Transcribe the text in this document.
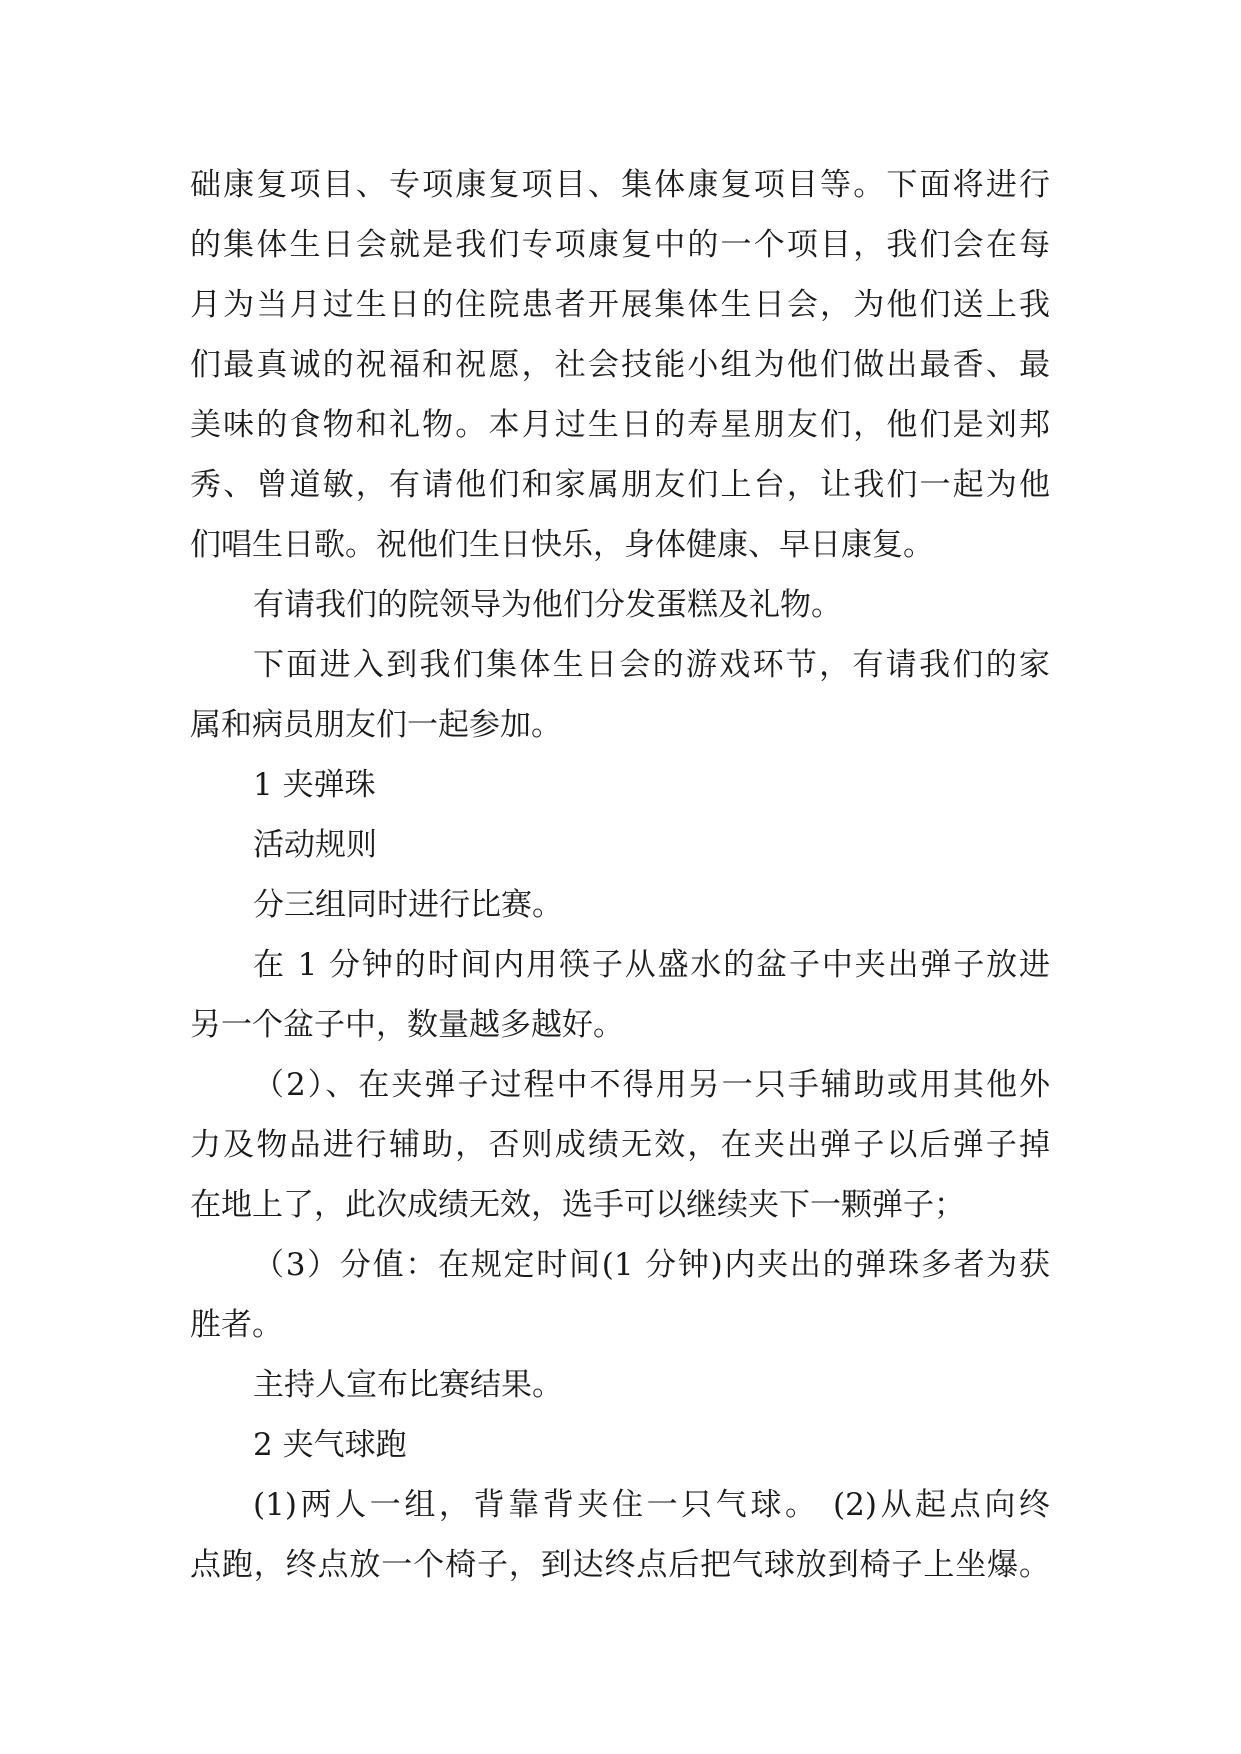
础康复项目、专项康复项目、集体康复项目等。下面将进行
的集体生日会就是我们专项康复中的一个项目，我们会在每
月为当月过生日的住院患者开展集体生日会，为他们送上我
们最真诚的祝福和祝愿，社会技能小组为他们做出最香、最
美味的食物和礼物。本月过生日的寿星朋友们，他们是刘邦
秀、曾道敏，有请他们和家属朋友们上台，让我们一起为他
们唱生日歌。祝他们生日快乐，身体健康、早日康复。
有请我们的院领导为他们分发蛋糕及礼物。
下面进入到我们集体生日会的游戏环节，有请我们的家
属和病员朋友们一起参加。
1 夹弹珠
活动规则
分三组同时进行比赛。
在 1 分钟的时间内用筷子从盛水的盆子中夹出弹子放进
另一个盆子中，数量越多越好。
（2）、在夹弹子过程中不得用另一只手辅助或用其他外
力及物品进行辅助，否则成绩无效，在夹出弹子以后弹子掉
在地上了，此次成绩无效，选手可以继续夹下一颗弹子；
（3）分值：在规定时间(1 分钟)内夹出的弹珠多者为获
胜者。
主持人宣布比赛结果。
2 夹气球跑
(1)两人一组，背靠背夹住一只气球。 (2)从起点向终
点跑，终点放一个椅子，到达终点后把气球放到椅子上坐爆。
